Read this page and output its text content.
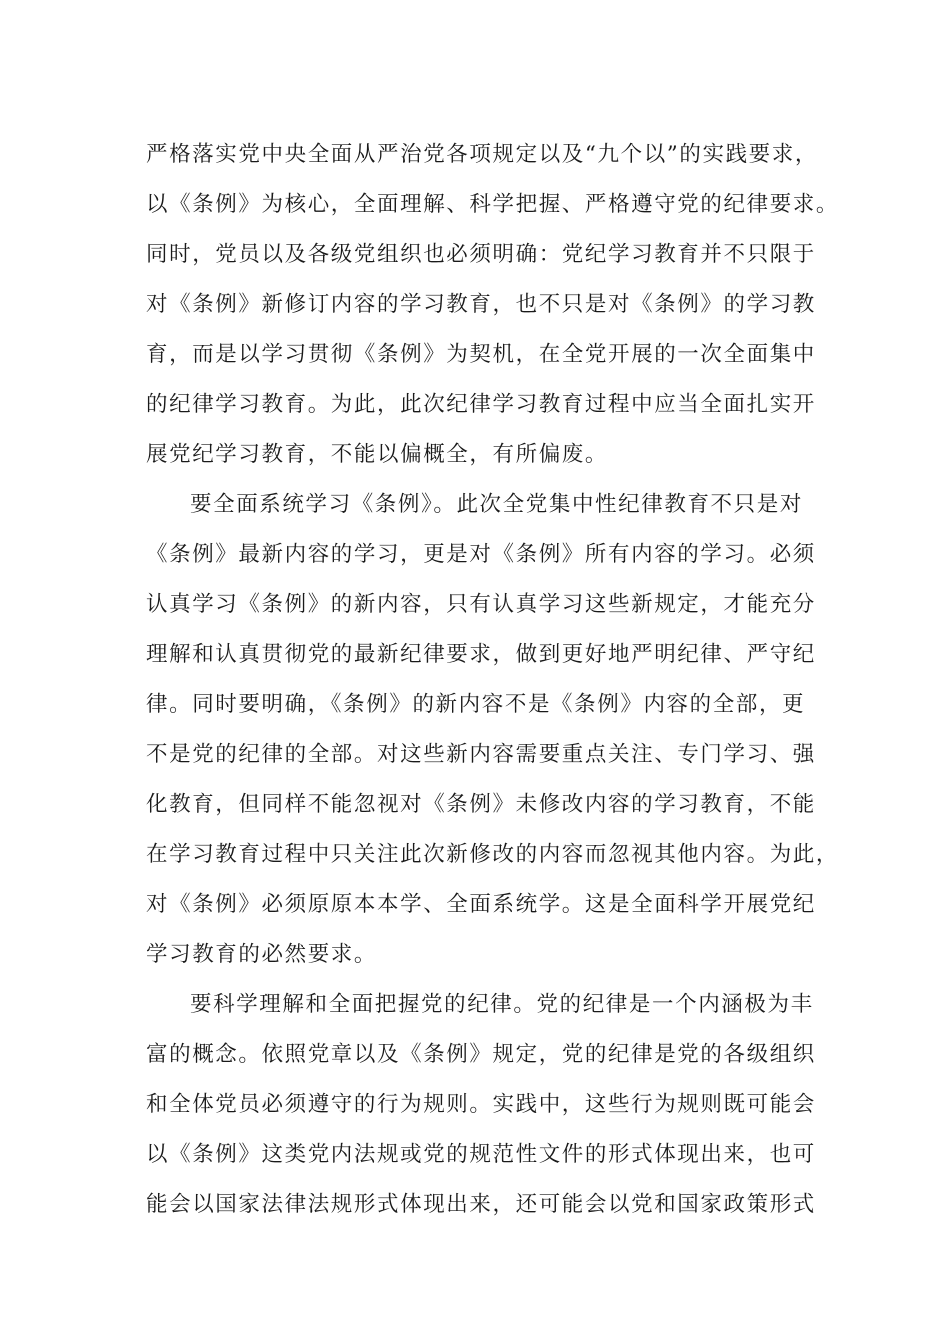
严格落实党中央全面从严治党各项规定以及“九个以”的实践要求，
以《条例》为核心，全面理解、科学把握、严格遵守党的纪律要求。
同时，党员以及各级党组织也必须明确：党纪学习教育并不只限于
对《条例》新修订内容的学习教育，也不只是对《条例》的学习教
育，而是以学习贯彻《条例》为契机，在全党开展的一次全面集中
的纪律学习教育。为此，此次纪律学习教育过程中应当全面扎实开
展党纪学习教育，不能以偏概全，有所偏废。
要全面系统学习《条例》。此次全党集中性纪律教育不只是对
《条例》最新内容的学习，更是对《条例》所有内容的学习。必须
认真学习《条例》的新内容，只有认真学习这些新规定，才能充分
理解和认真贯彻党的最新纪律要求，做到更好地严明纪律、严守纪
律。同时要明确，《条例》的新内容不是《条例》内容的全部，更
不是党的纪律的全部。对这些新内容需要重点关注、专门学习、强
化教育，但同样不能忽视对《条例》未修改内容的学习教育，不能
在学习教育过程中只关注此次新修改的内容而忽视其他内容。为此，
对《条例》必须原原本本学、全面系统学。这是全面科学开展党纪
学习教育的必然要求。
要科学理解和全面把握党的纪律。党的纪律是一个内涵极为丰
富的概念。依照党章以及《条例》规定，党的纪律是党的各级组织
和全体党员必须遵守的行为规则。实践中，这些行为规则既可能会
以《条例》这类党内法规或党的规范性文件的形式体现出来，也可
能会以国家法律法规形式体现出来，还可能会以党和国家政策形式
